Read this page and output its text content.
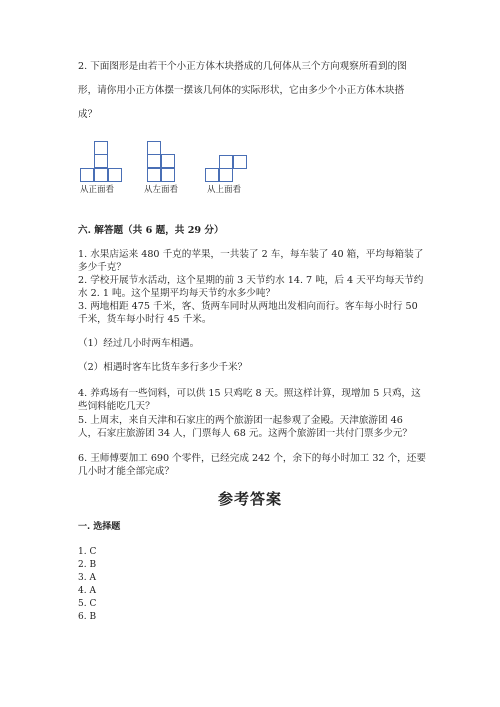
2. 下面图形是由若干个小正方体木块搭成的几何体从三个方向观察所看到的图
形，请你用小正方体摆一摆该几何体的实际形状，它由多少个小正方体木块搭
成？
从正面看	从左面看	从上面看
六. 解答题（共 6 题，共 29 分）
1. 水果店运来 480 千克的苹果，一共装了 2 车，每车装了 40 箱，平均每箱装了
多少千克？
2. 学校开展节水活动，这个星期的前 3 天节约水 14. 7 吨，后 4 天平均每天节约
水 2. 1 吨。这个星期平均每天节约水多少吨？
3. 两地相距 475 千米，客、货两车同时从两地出发相向而行。客车每小时行 50
千米，货车每小时行 45 千米。
（1）经过几小时两车相遇。
（2）相遇时客车比货车多行多少千米？
4. 养鸡场有一些饲料，可以供 15 只鸡吃 8 天。照这样计算，现增加 5 只鸡，这
些饲料能吃几天？
5. 上周末，来自天津和石家庄的两个旅游团一起参观了金殿。天津旅游团 46
人，石家庄旅游团 34 人，门票每人 68 元。这两个旅游团一共付门票多少元？
6. 王师傅要加工 690 个零件，已经完成 242 个，余下的每小时加工 32 个，还要
几小时才能全部完成？
参考答案
一. 选择题
1. C
2. B
3. A
4. A
5. C
6. B
